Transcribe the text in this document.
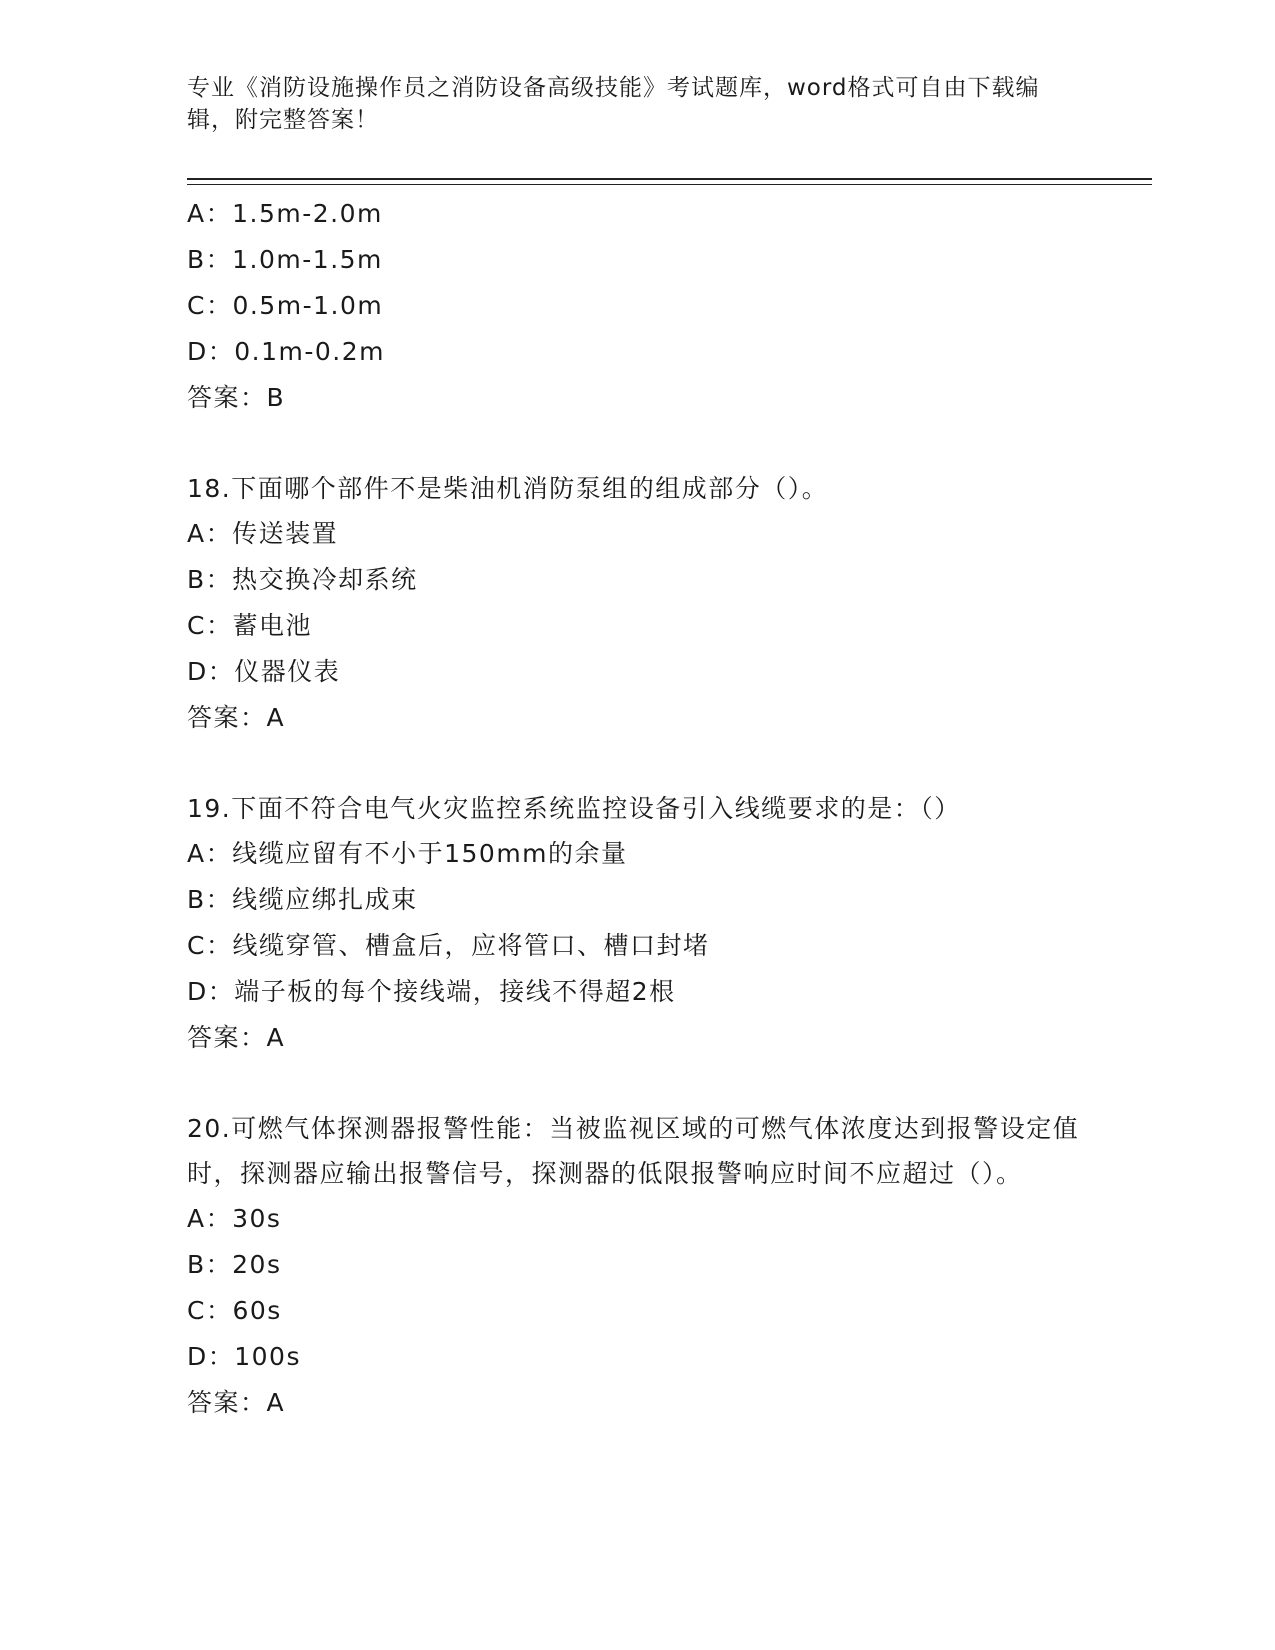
专业《消防设施操作员之消防设备高级技能》考试题库，word格式可自由下载编辑，附完整答案！
A：1.5m-2.0m
B：1.0m-1.5m
C：0.5m-1.0m
D：0.1m-0.2m
答案：B
18.下面哪个部件不是柴油机消防泵组的组成部分（）。
A：传送装置
B：热交换冷却系统
C：蓄电池
D：仪器仪表
答案：A
19.下面不符合电气火灾监控系统监控设备引入线缆要求的是：（）
A：线缆应留有不小于150mm的余量
B：线缆应绑扎成束
C：线缆穿管、槽盒后，应将管口、槽口封堵
D：端子板的每个接线端，接线不得超2根
答案：A
20.可燃气体探测器报警性能：当被监视区域的可燃气体浓度达到报警设定值时，探测器应输出报警信号，探测器的低限报警响应时间不应超过（）。
A：30s
B：20s
C：60s
D：100s
答案：A
